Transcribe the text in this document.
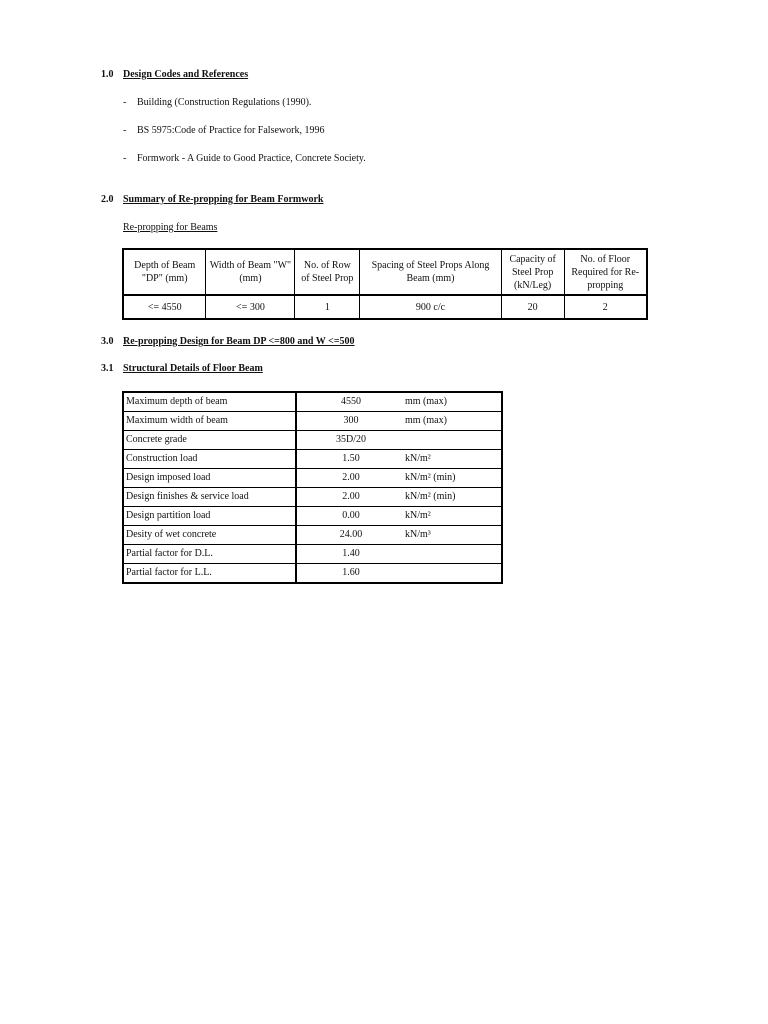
1.0 Design Codes and References
- Building (Construction Regulations (1990).
- BS 5975:Code of Practice for Falsework, 1996
- Formwork - A Guide to Good Practice, Concrete Society.
2.0 Summary of Re-propping for Beam Formwork
Re-propping for Beams
Depth of Beam "DP" (mm)	Width of Beam "W" (mm)	No. of Row of Steel Prop	Spacing of Steel Props Along Beam (mm)	Capacity of Steel Prop (kN/Leg)	No. of Floor Required for Re-propping
<= 4550	<= 300	1	900 c/c	20	2
3.0 Re-propping Design for Beam DP <=800 and W <=500
3.1 Structural Details of Floor Beam
Maximum depth of beam	4550	mm (max)
Maximum width of beam	300	mm (max)
Concrete grade	35D/20	
Construction load	1.50	kN/m²
Design imposed load	2.00	kN/m² (min)
Design finishes & service load	2.00	kN/m² (min)
Design partition load	0.00	kN/m²
Desity of wet concrete	24.00	kN/m³
Partial factor for D.L.	1.40	
Partial factor for L.L.	1.60	
